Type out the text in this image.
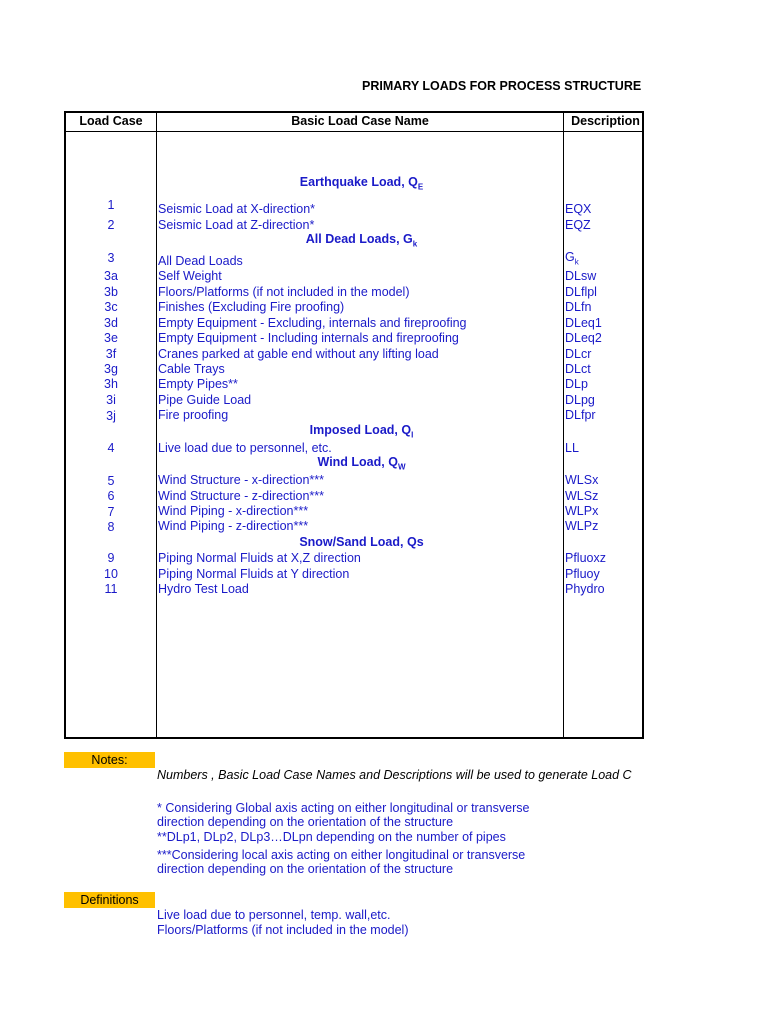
PRIMARY LOADS FOR PROCESS STRUCTURE
Load Case	Basic Load Case Name	Description
Earthquake Load, $Q_E$
1	Seismic Load at X-direction*	EQX
2	Seismic Load at Z-direction*	EQZ
All Dead Loads, $G_k$
3	All Dead Loads	$G_k$
3a	Self Weight	DLsw
3b	Floors/Platforms (if not included in the model)	DLflpl
3c	Finishes (Excluding Fire proofing)	DLfn
3d	Empty Equipment - Excluding, internals and fireproofing	DLeq1
3e	Empty Equipment - Including internals and fireproofing	DLeq2
3f	Cranes parked at gable end without any lifting load	DLcr
3g	Cable Trays	DLct
3h	Empty Pipes**	DLp
3i	Pipe Guide Load	DLpg
3j	Fire proofing	DLfpr
Imposed Load, $Q_I$
4	Live load due to personnel, etc.	LL
Wind Load, $Q_W$
5	Wind Structure - x-direction***	WLSx
6	Wind Structure - z-direction***	WLSz
7	Wind Piping - x-direction***	WLPx
8	Wind Piping - z-direction***	WLPz
Snow/Sand Load, Qs
9	Piping Normal Fluids at X,Z direction	Pfluoxz
10	Piping Normal Fluids at Y direction	Pfluoy
11	Hydro Test Load	Phydro
Notes:
Numbers , Basic Load Case Names and Descriptions will be used to generate Load C
* Considering Global axis acting on either longitudinal or transverse
direction depending on the orientation of the structure
**DLp1, DLp2, DLp3…DLpn depending on the number of pipes
***Considering local axis acting on either longitudinal or transverse
direction depending on the orientation of the structure
Definitions
Live load due to personnel, temp. wall,etc.
Floors/Platforms (if not included in the model)
